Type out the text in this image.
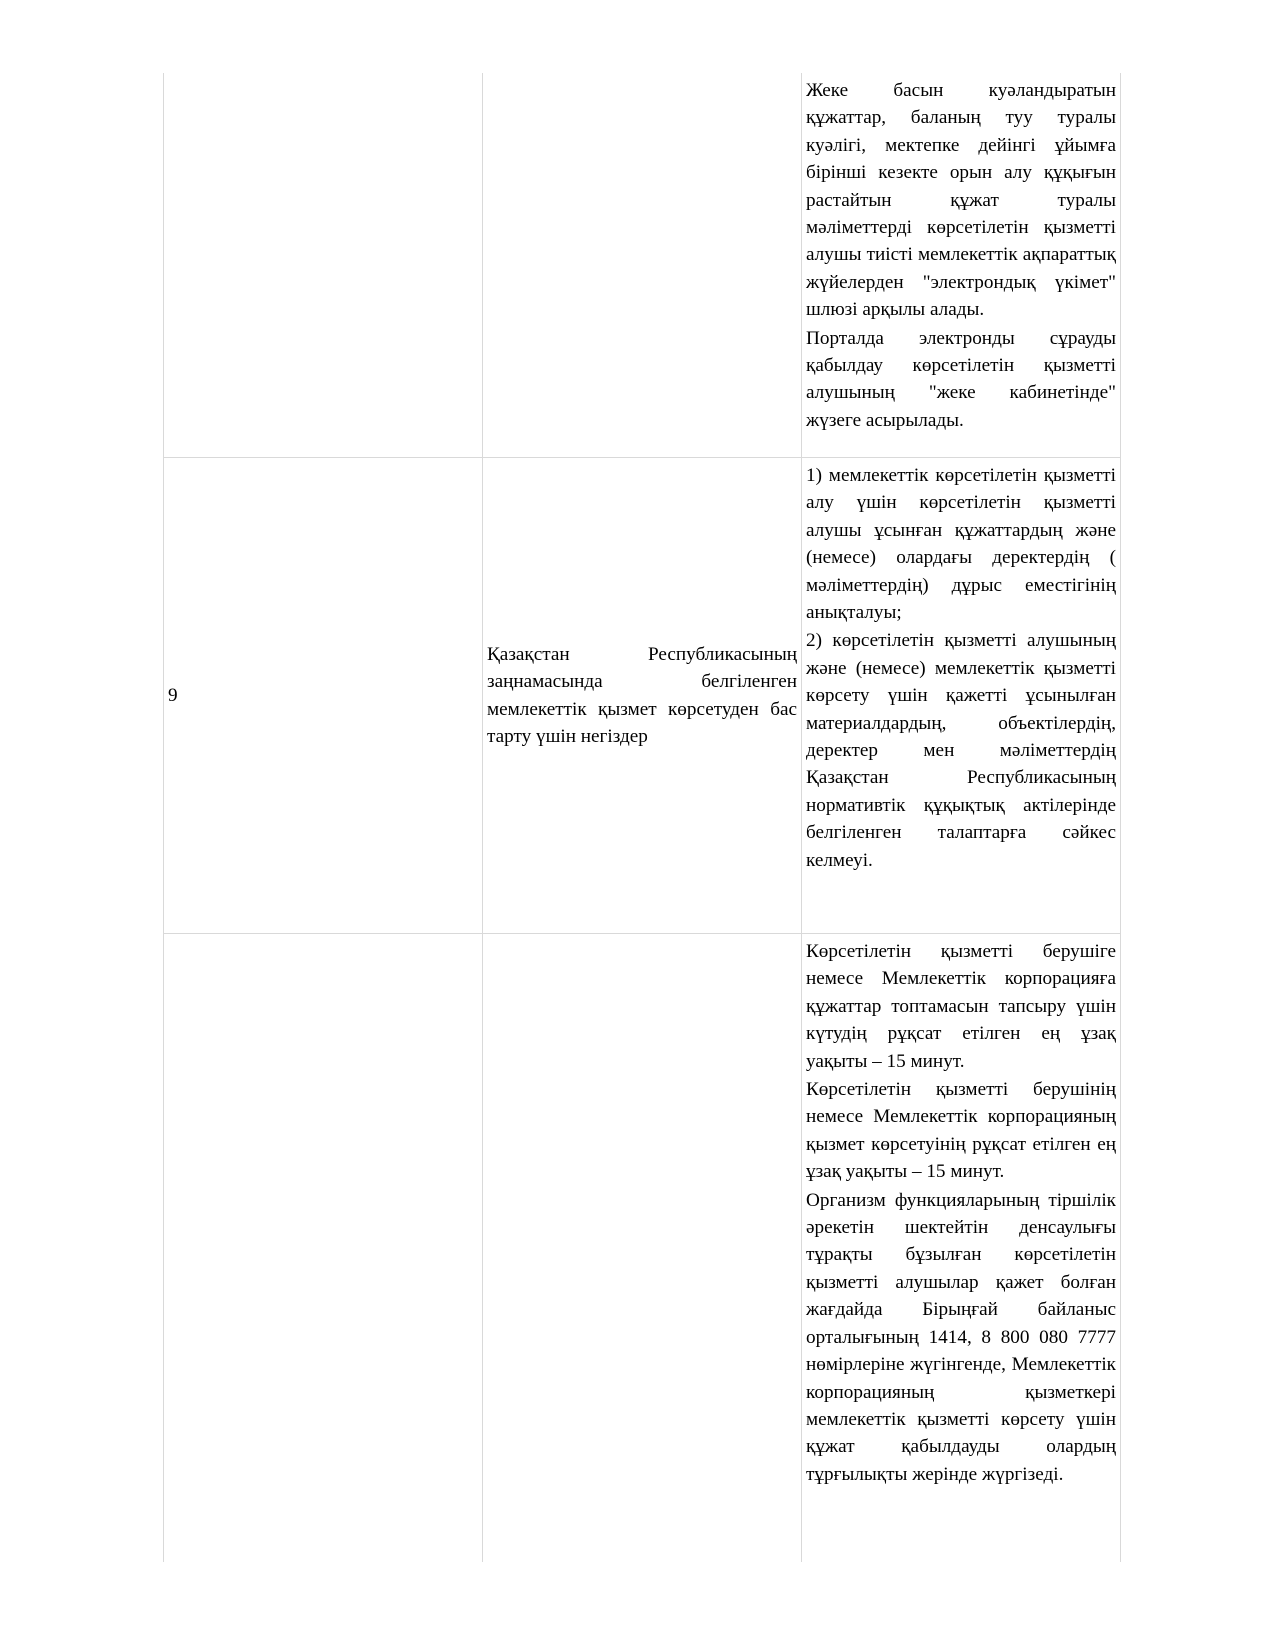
		Жеке басын куәландыратын құжаттар, баланың туу туралы куәлігі, мектепке дейінгі ұйымға бірінші кезекте орын алу құқығын растайтын құжат туралы мәліметтерді көрсетілетін қызметті алушы тиісті мемлекеттік ақпараттық жүйелерден "электрондық үкімет" шлюзі арқылы алады.

Порталда электронды сұрауды қабылдау көрсетілетін қызметті алушының "жеке кабинетінде" жүзеге асырылады.

9	Қазақстан Республикасының заңнамасында белгіленген мемлекеттік қызмет көрсетуден бас тарту үшін негіздер	1) мемлекеттік көрсетілетін қызметті алу үшін көрсетілетін қызметті алушы ұсынған құжаттардың және (немесе) олардағы деректердің ( мәліметтердің) дұрыс еместігінің анықталуы;

2) көрсетілетін қызметті алушының және (немесе) мемлекеттік қызметті көрсету үшін қажетті ұсынылған материалдардың, объектілердің, деректер мен мәліметтердің Қазақстан Республикасының нормативтік құқықтық актілерінде белгіленген талаптарға сәйкес келмеуі.

		Көрсетілетін қызметті берушіге немесе Мемлекеттік корпорацияға құжаттар топтамасын тапсыру үшін күтудің рұқсат етілген ең ұзақ уақыты – 15 минут.

Көрсетілетін қызметті берушінің немесе Мемлекеттік корпорацияның қызмет көрсетуінің рұқсат етілген ең ұзақ уақыты – 15 минут.

Организм функцияларының тіршілік әрекетін шектейтін денсаулығы тұрақты бұзылған көрсетілетін қызметті алушылар қажет болған жағдайда Бірыңғай байланыс орталығының 1414, 8 800 080 7777 нөмірлеріне жүгінгенде, Мемлекеттік корпорацияның қызметкері мемлекеттік қызметті көрсету үшін құжат қабылдауды олардың тұрғылықты жерінде жүргізеді.
